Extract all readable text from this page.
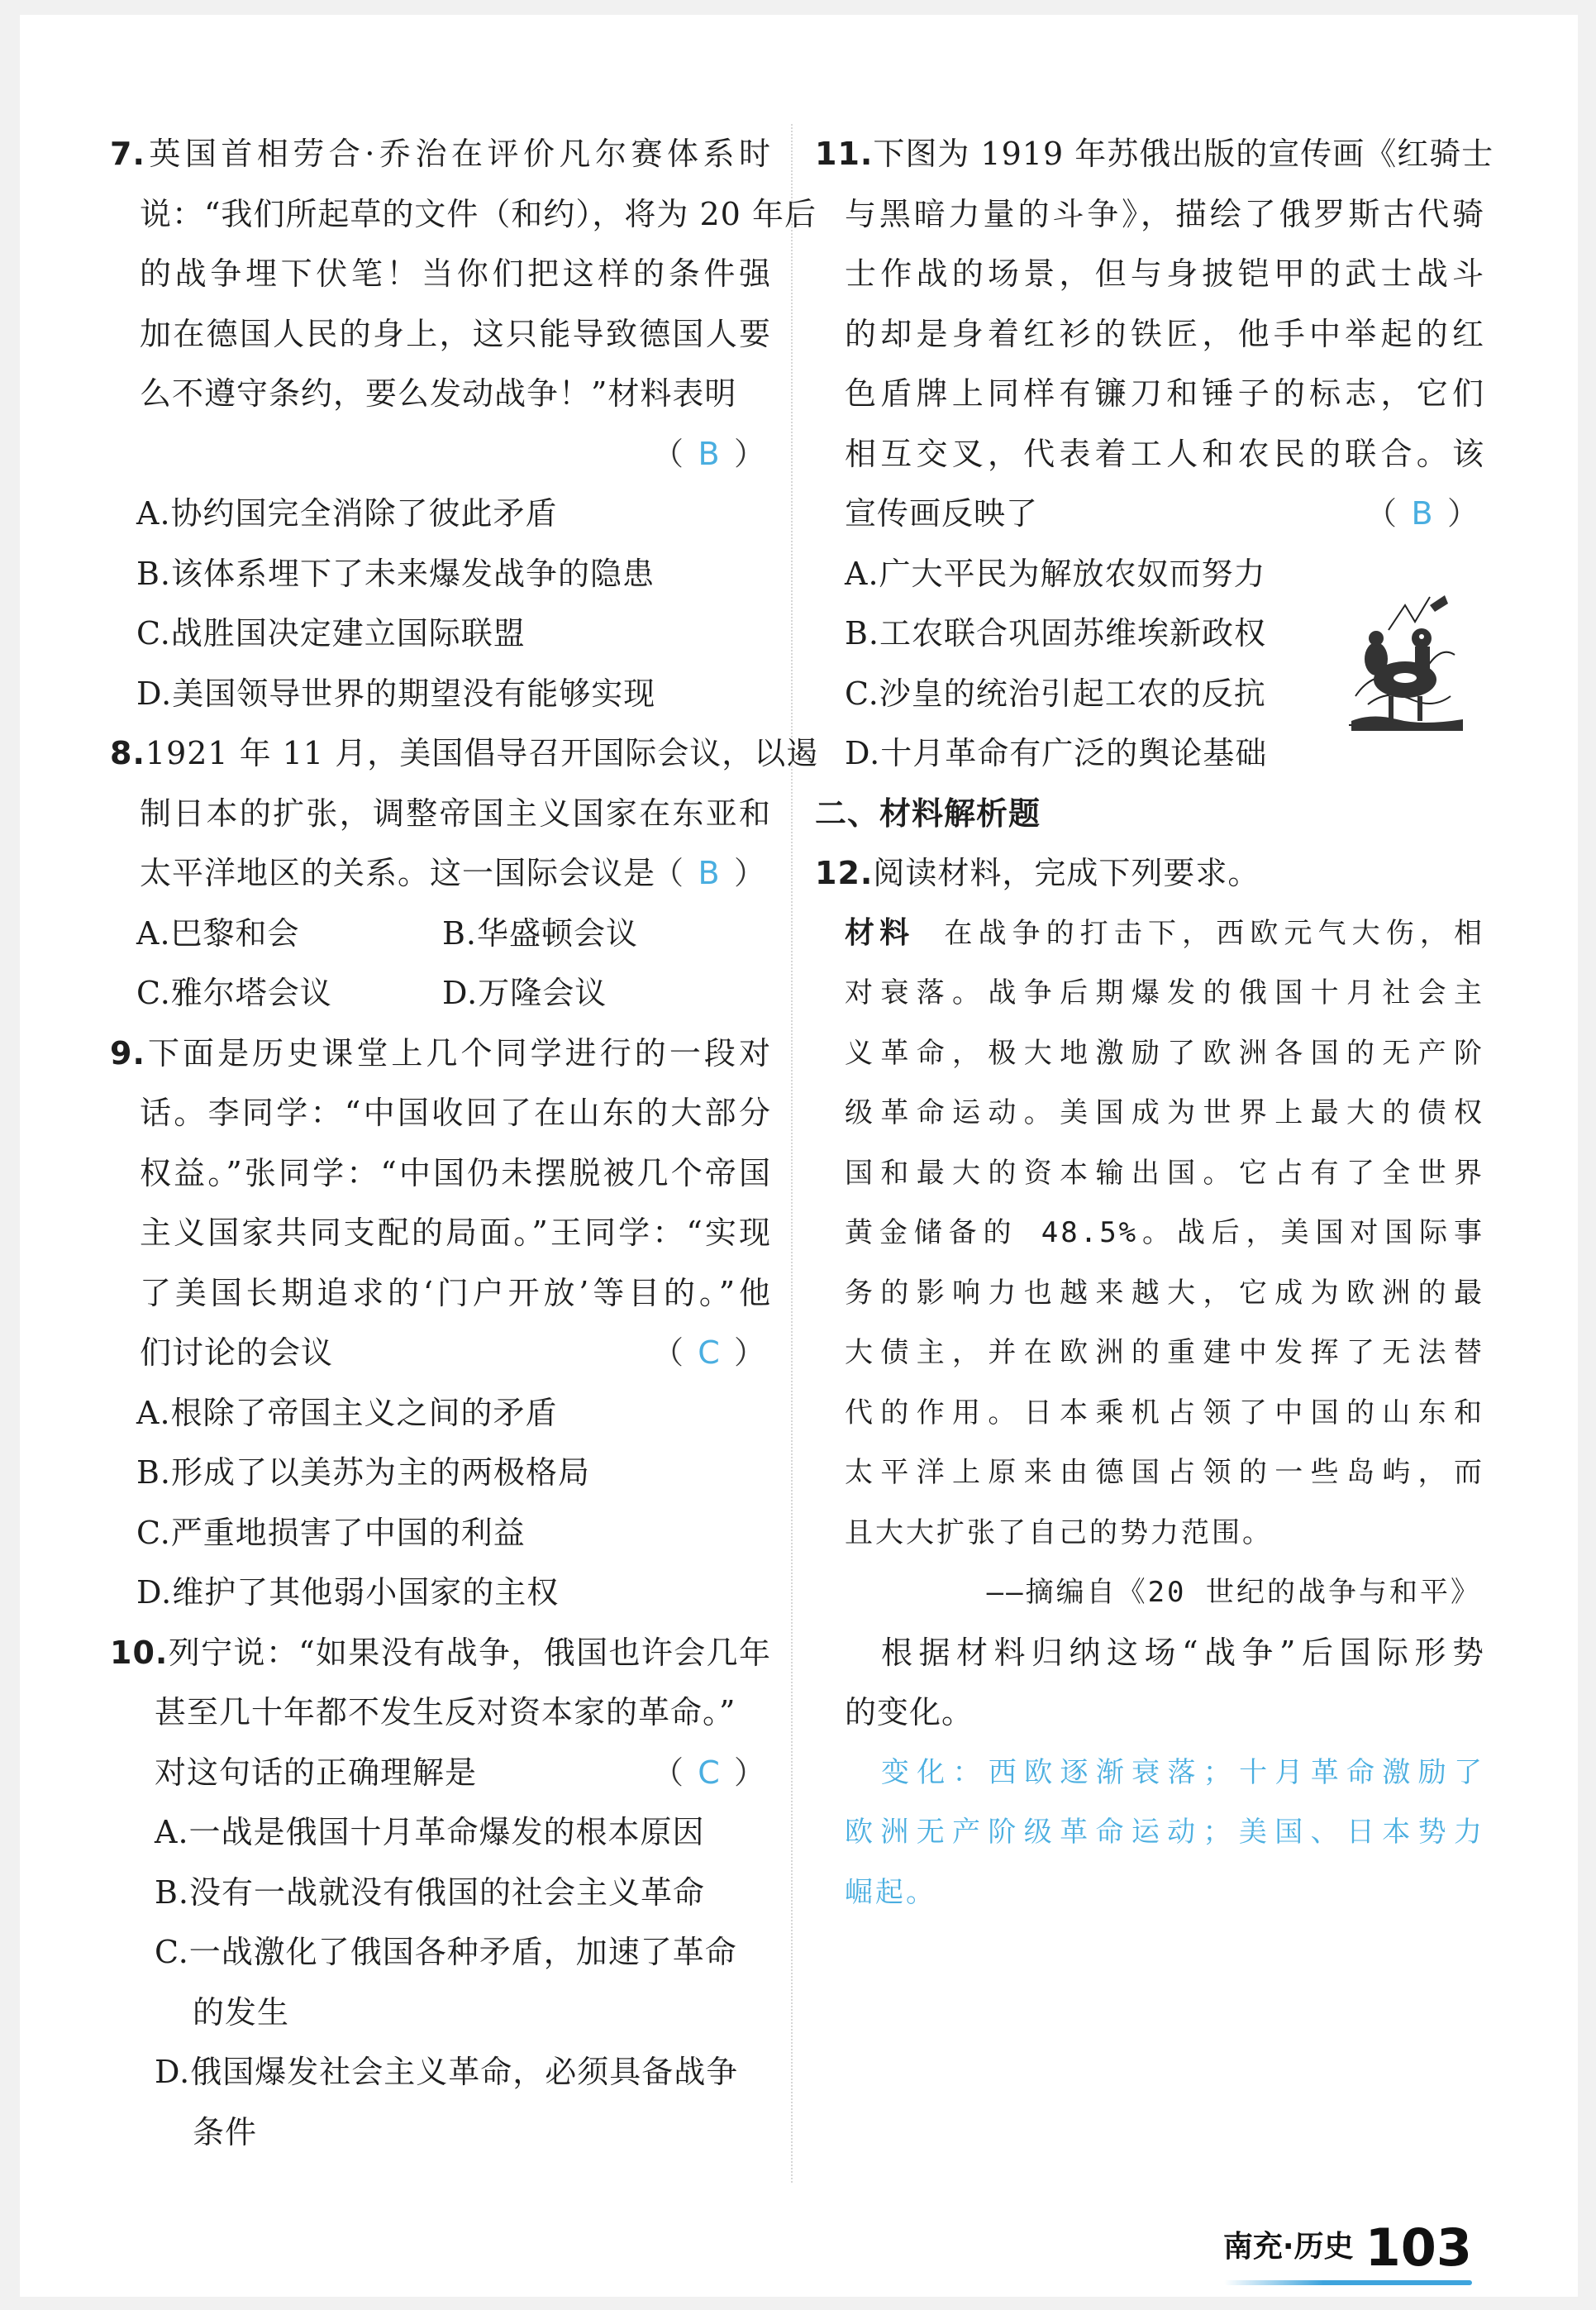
7.英国首相劳合·乔治在评价凡尔赛体系时
说：“我们所起草的文件（和约），将为 20 年后
的战争埋下伏笔！当你们把这样的条件强
加在德国人民的身上，这只能导致德国人要
么不遵守条约，要么发动战争！”材料表明
（ B ）
A.协约国完全消除了彼此矛盾
B.该体系埋下了未来爆发战争的隐患
C.战胜国决定建立国际联盟
D.美国领导世界的期望没有能够实现
8.1921 年 11 月，美国倡导召开国际会议，以遏
制日本的扩张，调整帝国主义国家在东亚和
太平洋地区的关系。这一国际会议是
（ B ）
A.巴黎和会	B.华盛顿会议
C.雅尔塔会议	D.万隆会议
9.下面是历史课堂上几个同学进行的一段对
话。李同学：“中国收回了在山东的大部分
权益。”张同学：“中国仍未摆脱被几个帝国
主义国家共同支配的局面。”王同学：“实现
了美国长期追求的‘门户开放’等目的。”他
们讨论的会议	（ C ）
A.根除了帝国主义之间的矛盾
B.形成了以美苏为主的两极格局
C.严重地损害了中国的利益
D.维护了其他弱小国家的主权
10.列宁说：“如果没有战争，俄国也许会几年
甚至几十年都不发生反对资本家的革命。”
对这句话的正确理解是	（ C ）
A.一战是俄国十月革命爆发的根本原因
B.没有一战就没有俄国的社会主义革命
C.一战激化了俄国各种矛盾，加速了革命
的发生
D.俄国爆发社会主义革命，必须具备战争
条件
11.下图为 1919 年苏俄出版的宣传画《红骑士
与黑暗力量的斗争》，描绘了俄罗斯古代骑
士作战的场景，但与身披铠甲的武士战斗
的却是身着红衫的铁匠，他手中举起的红
色盾牌上同样有镰刀和锤子的标志，它们
相互交叉，代表着工人和农民的联合。该
宣传画反映了	（ B ）
A.广大平民为解放农奴而努力
B.工农联合巩固苏维埃新政权
C.沙皇的统治引起工农的反抗
D.十月革命有广泛的舆论基础
二、材料解析题
12.阅读材料，完成下列要求。
材料 在战争的打击下，西欧元气大伤，相
对衰落。战争后期爆发的俄国十月社会主
义革命，极大地激励了欧洲各国的无产阶
级革命运动。美国成为世界上最大的债权
国和最大的资本输出国。它占有了全世界
黄金储备的 48.5%。战后，美国对国际事
务的影响力也越来越大，它成为欧洲的最
大债主，并在欧洲的重建中发挥了无法替
代的作用。日本乘机占领了中国的山东和
太平洋上原来由德国占领的一些岛屿，而
且大大扩张了自己的势力范围。
——摘编自《20 世纪的战争与和平》
根据材料归纳这场“战争”后国际形势
的变化。
变化：西欧逐渐衰落；十月革命激励了
欧洲无产阶级革命运动；美国、日本势力
崛起。
南充·历史 103
